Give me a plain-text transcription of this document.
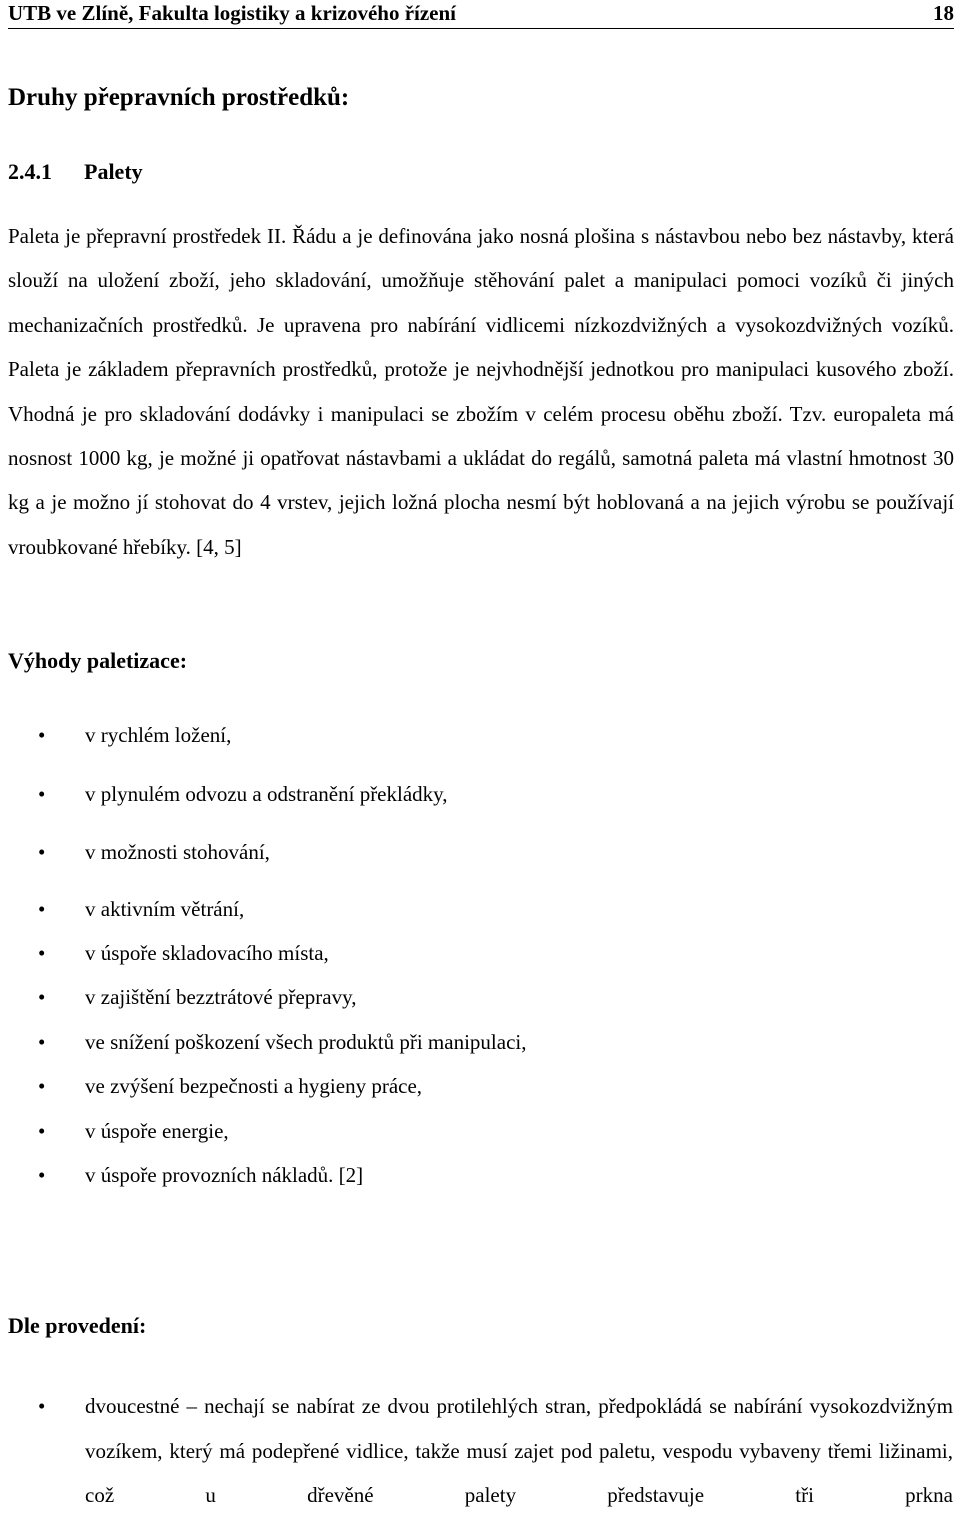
UTB ve Zlíně, Fakulta logistiky a krizového řízení	18
Druhy přepravních prostředků:
2.4.1 Palety

Paleta je přepravní prostředek II. Řádu a je definována jako nosná plošina s nástavbou nebo bez nástavby, která slouží na uložení zboží, jeho skladování, umožňuje stěhování palet a manipulaci pomoci vozíků či jiných mechanizačních prostředků. Je upravena pro nabírání vidlicemi nízkozdvižných a vysokozdvižných vozíků. Paleta je základem přepravních prostředků, protože je nejvhodnější jednotkou pro manipulaci kusového zboží. Vhodná je pro skladování dodávky i manipulaci se zbožím v celém procesu oběhu zboží. Tzv. europaleta má nosnost 1000 kg, je možné ji opatřovat nástavbami a ukládat do regálů, samotná paleta má vlastní hmotnost 30 kg a je možno jí stohovat do 4 vrstev, jejich ložná plocha nesmí být hoblovaná a na jejich výrobu se používají vroubkované hřebíky. [4, 5]

Výhody paletizace:
• v rychlém ložení,
• v plynulém odvozu a odstranění překládky,
• v možnosti stohování,
• v aktivním větrání,
• v úspoře skladovacího místa,
• v zajištění bezztrátové přepravy,
• ve snížení poškození všech produktů při manipulaci,
• ve zvýšení bezpečnosti a hygieny práce,
• v úspoře energie,
• v úspoře provozních nákladů. [2]
Dle provedení:
• dvoucestné – nechají se nabírat ze dvou protilehlých stran, předpokládá se nabírání vysokozdvižným vozíkem, který má podepřené vidlice, takže musí zajet pod paletu, vespodu vybaveny třemi ližinami, což u dřevěné palety představuje tři prkna
